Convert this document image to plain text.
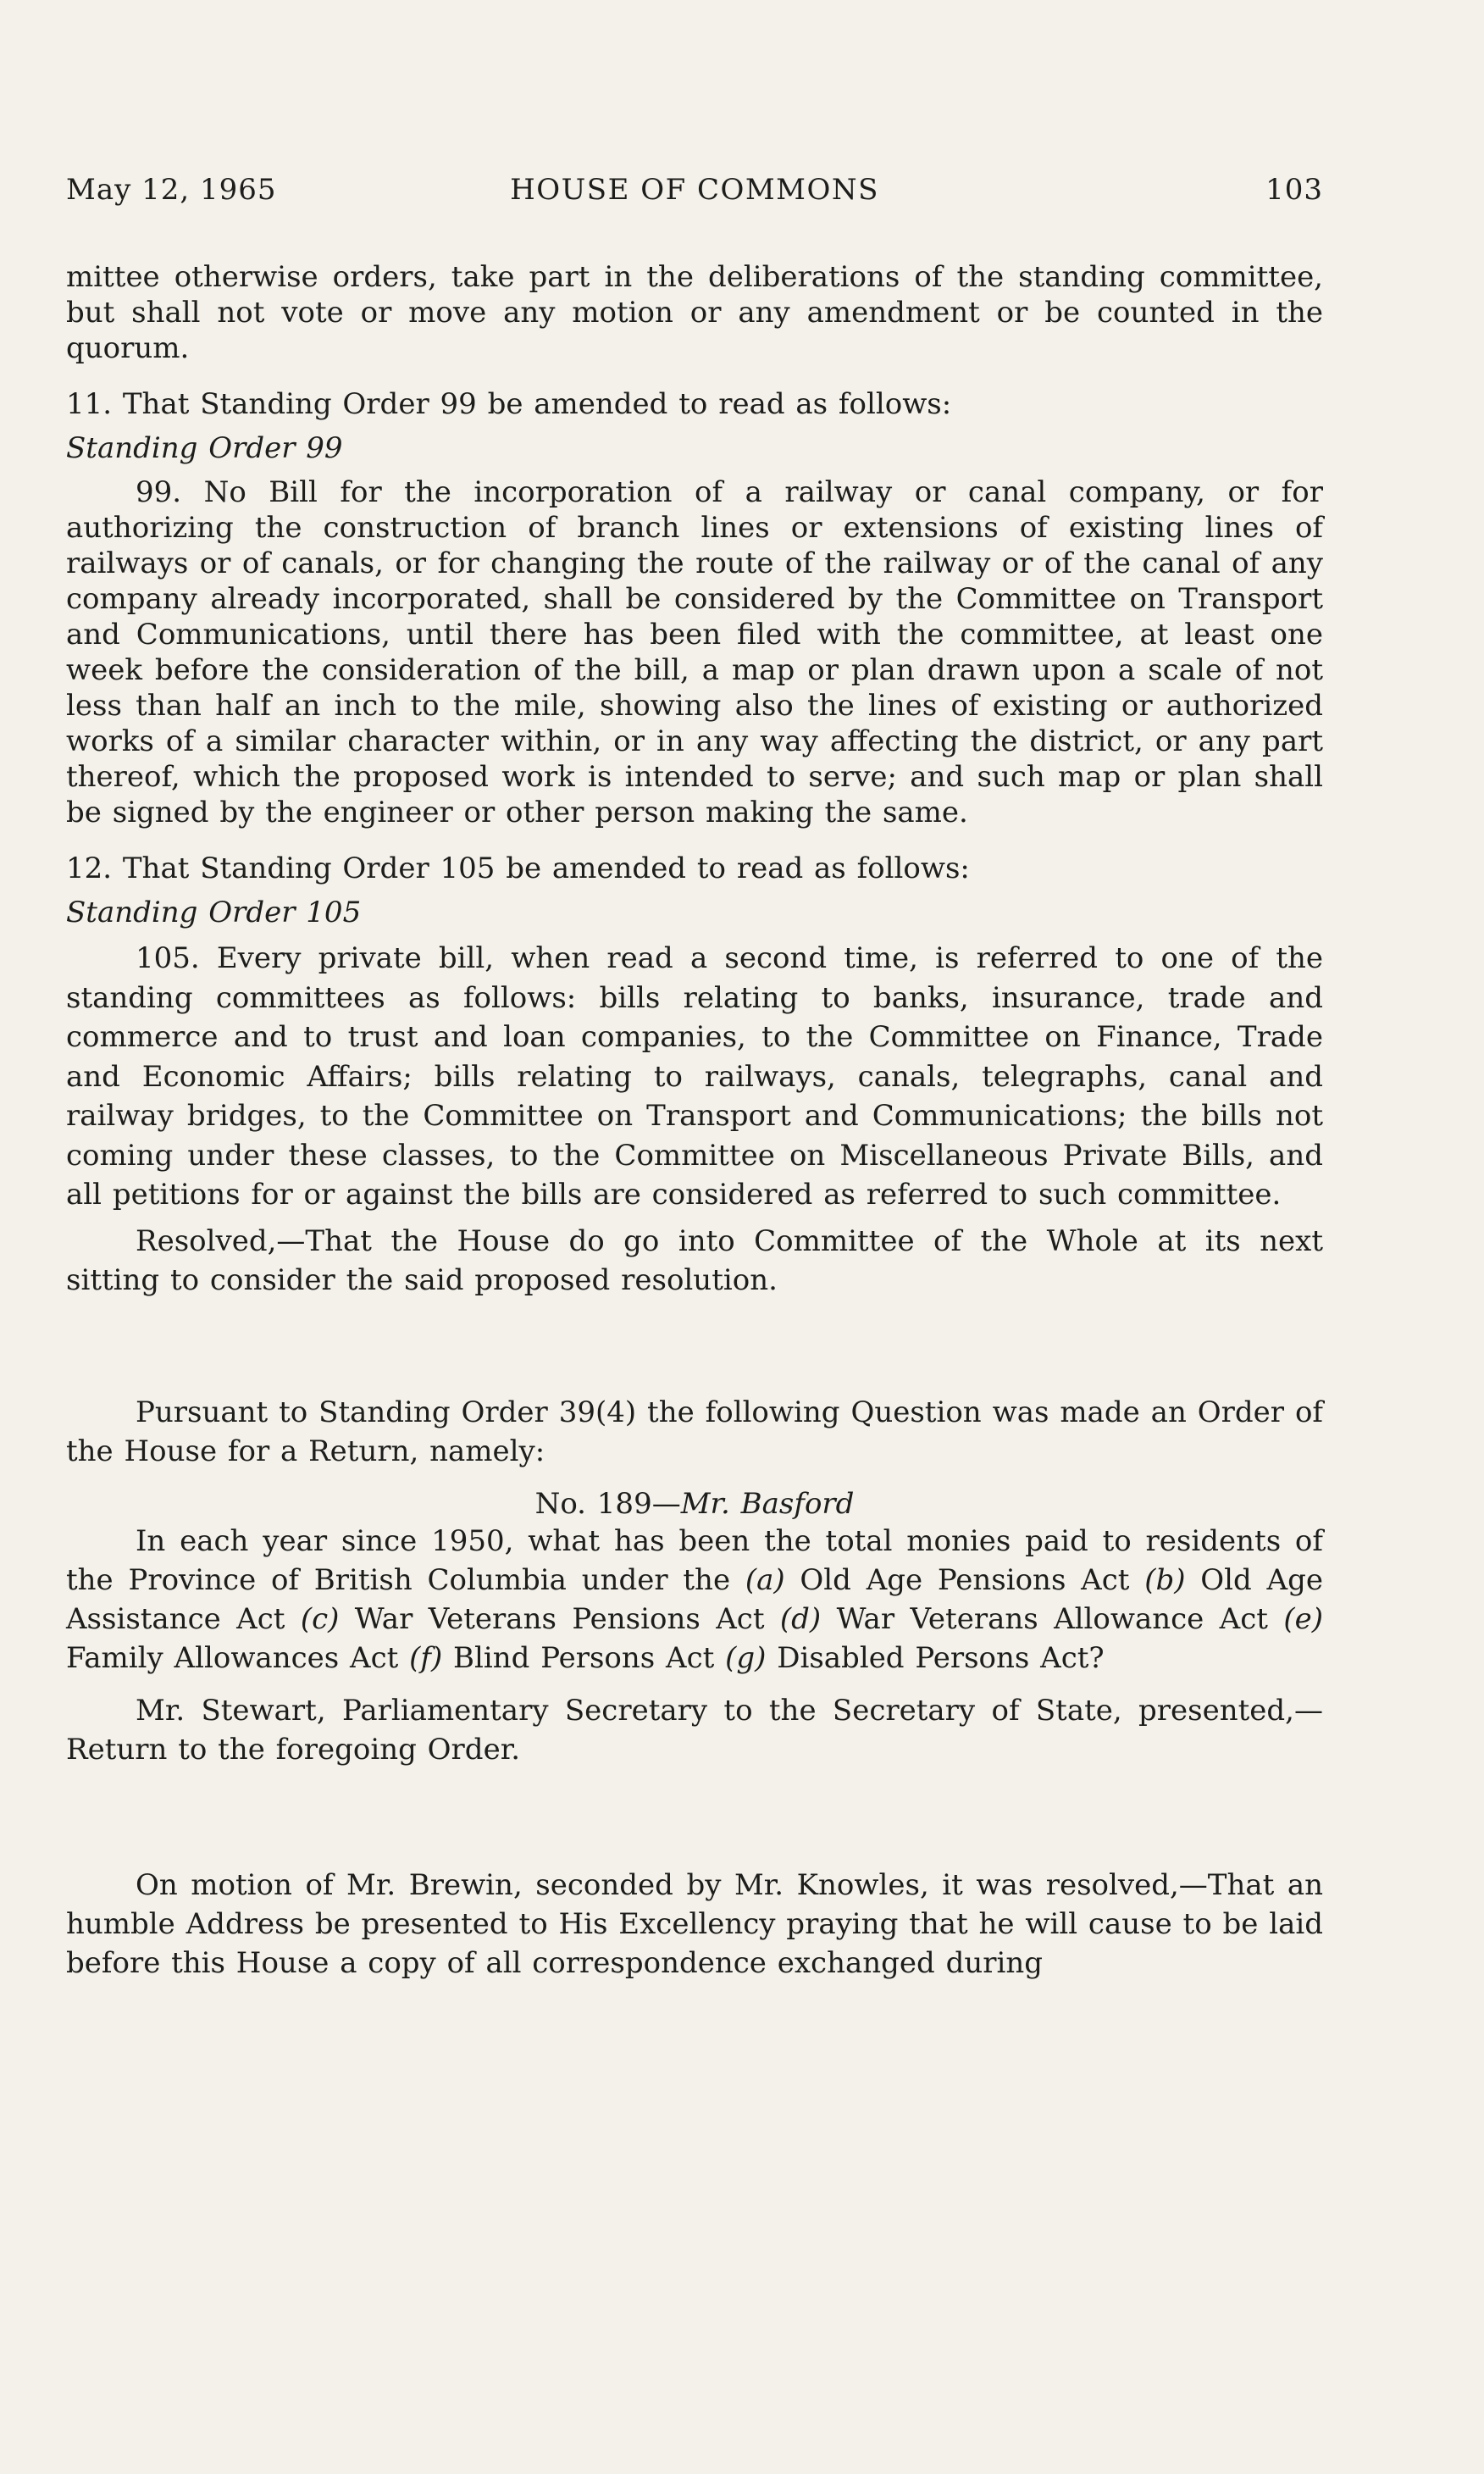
May 12, 1965	HOUSE OF COMMONS	103

mittee otherwise orders, take part in the deliberations of the standing committee, but shall not vote or move any motion or any amendment or be counted in the quorum.

11. That Standing Order 99 be amended to read as follows:

Standing Order 99

99. No Bill for the incorporation of a railway or canal company, or for authorizing the construction of branch lines or extensions of existing lines of railways or of canals, or for changing the route of the railway or of the canal of any company already incorporated, shall be considered by the Committee on Transport and Communications, until there has been filed with the committee, at least one week before the consideration of the bill, a map or plan drawn upon a scale of not less than half an inch to the mile, showing also the lines of existing or authorized works of a similar character within, or in any way affecting the district, or any part thereof, which the proposed work is intended to serve; and such map or plan shall be signed by the engineer or other person making the same.

12. That Standing Order 105 be amended to read as follows:

Standing Order 105

105. Every private bill, when read a second time, is referred to one of the standing committees as follows: bills relating to banks, insurance, trade and commerce and to trust and loan companies, to the Committee on Finance, Trade and Economic Affairs; bills relating to railways, canals, telegraphs, canal and railway bridges, to the Committee on Transport and Communications; the bills not coming under these classes, to the Committee on Miscellaneous Private Bills, and all petitions for or against the bills are considered as referred to such committee.

Resolved,—That the House do go into Committee of the Whole at its next sitting to consider the said proposed resolution.

Pursuant to Standing Order 39(4) the following Question was made an Order of the House for a Return, namely:

No. 189—Mr. Basford

In each year since 1950, what has been the total monies paid to residents of the Province of British Columbia under the (a) Old Age Pensions Act (b) Old Age Assistance Act (c) War Veterans Pensions Act (d) War Veterans Allowance Act (e) Family Allowances Act (f) Blind Persons Act (g) Disabled Persons Act?

Mr. Stewart, Parliamentary Secretary to the Secretary of State, presented,—Return to the foregoing Order.

On motion of Mr. Brewin, seconded by Mr. Knowles, it was resolved,—That an humble Address be presented to His Excellency praying that he will cause to be laid before this House a copy of all correspondence exchanged during
